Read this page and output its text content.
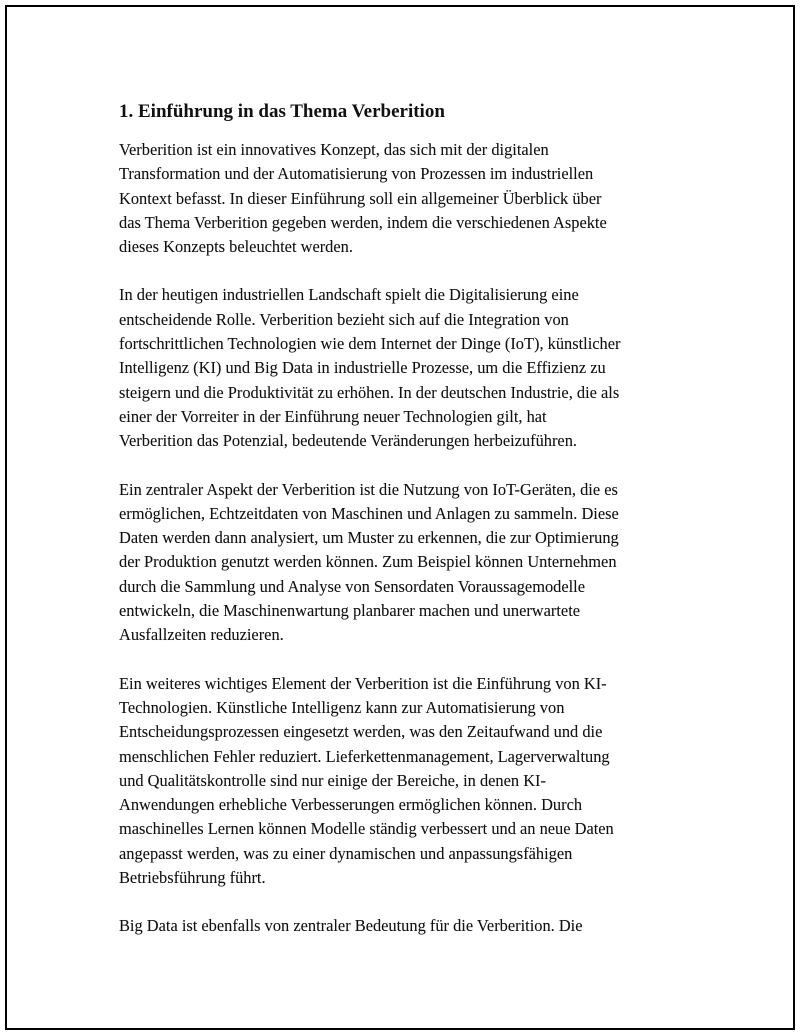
1. Einführung in das Thema Verberition

Verberition ist ein innovatives Konzept, das sich mit der digitalen
Transformation und der Automatisierung von Prozessen im industriellen
Kontext befasst. In dieser Einführung soll ein allgemeiner Überblick über
das Thema Verberition gegeben werden, indem die verschiedenen Aspekte
dieses Konzepts beleuchtet werden.

In der heutigen industriellen Landschaft spielt die Digitalisierung eine
entscheidende Rolle. Verberition bezieht sich auf die Integration von
fortschrittlichen Technologien wie dem Internet der Dinge (IoT), künstlicher
Intelligenz (KI) und Big Data in industrielle Prozesse, um die Effizienz zu
steigern und die Produktivität zu erhöhen. In der deutschen Industrie, die als
einer der Vorreiter in der Einführung neuer Technologien gilt, hat
Verberition das Potenzial, bedeutende Veränderungen herbeizuführen.

Ein zentraler Aspekt der Verberition ist die Nutzung von IoT-Geräten, die es
ermöglichen, Echtzeitdaten von Maschinen und Anlagen zu sammeln. Diese
Daten werden dann analysiert, um Muster zu erkennen, die zur Optimierung
der Produktion genutzt werden können. Zum Beispiel können Unternehmen
durch die Sammlung und Analyse von Sensordaten Voraussagemodelle
entwickeln, die Maschinenwartung planbarer machen und unerwartete
Ausfallzeiten reduzieren.

Ein weiteres wichtiges Element der Verberition ist die Einführung von KI-
Technologien. Künstliche Intelligenz kann zur Automatisierung von
Entscheidungsprozessen eingesetzt werden, was den Zeitaufwand und die
menschlichen Fehler reduziert. Lieferkettenmanagement, Lagerverwaltung
und Qualitätskontrolle sind nur einige der Bereiche, in denen KI-
Anwendungen erhebliche Verbesserungen ermöglichen können. Durch
maschinelles Lernen können Modelle ständig verbessert und an neue Daten
angepasst werden, was zu einer dynamischen und anpassungsfähigen
Betriebsführung führt.

Big Data ist ebenfalls von zentraler Bedeutung für die Verberition. Die
